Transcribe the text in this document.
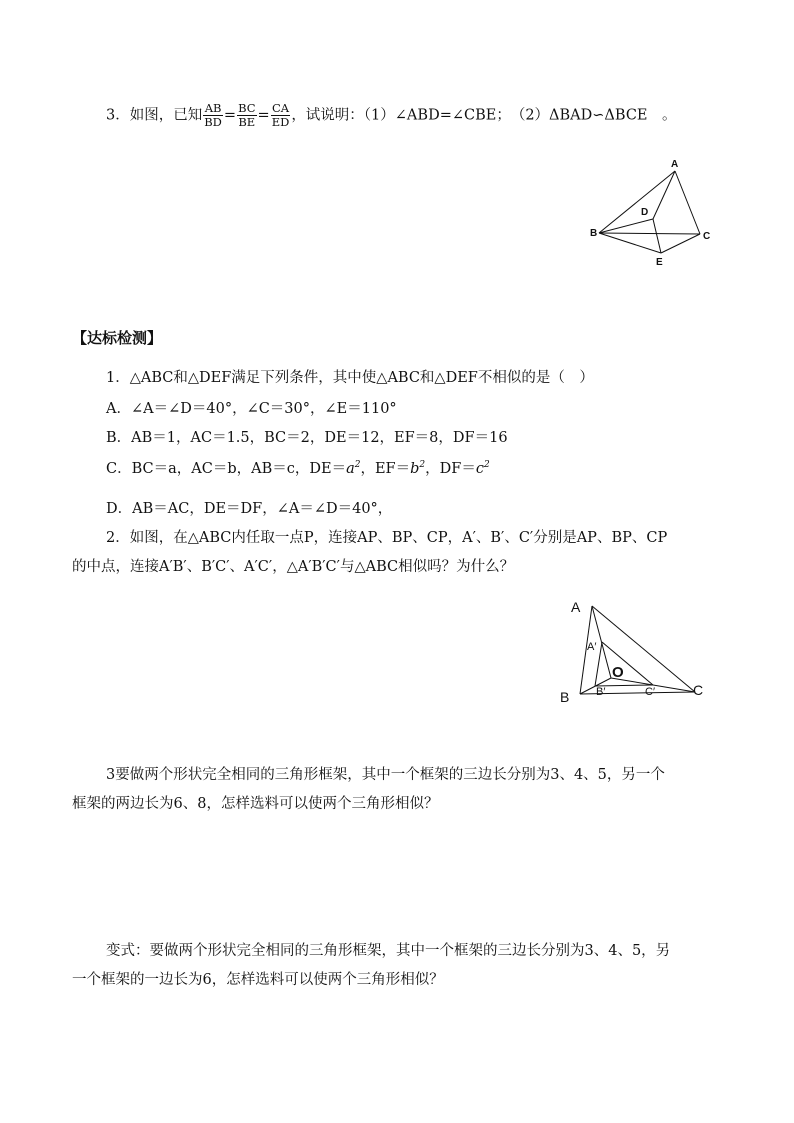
3．如图，已知 $\frac{AB}{BD} = \frac{BC}{BE} = \frac{CA}{ED}$ ，试说明：（1）∠ABD=∠CBE；　（2）ΔBAD∽ΔBCE　。
A
B	C
D
E
【达标检测】
1．△ABC和△DEF满足下列条件，其中使△ABC和△DEF不相似的是（　）
A．∠A＝∠D＝40°，∠C＝30°，∠E＝110°
B．AB＝1，AC＝1.5，BC＝2，DE＝12，EF＝8，DF＝16
C．BC＝a，AC＝b，AB＝c，$DE=a^2$，$EF=b^2$，$DF=c^2$
D．AB＝AC，DE＝DF，∠A＝∠D＝40°，
2．如图，在△ABC内任取一点P，连接AP、BP、CP，A′、B′、C′分别是AP、BP、CP
的中点，连接A′B′、B′C′、A′C′，△A′B′C′与△ABC相似吗？为什么？
A
B	C
O
A′
B′	C′
3要做两个形状完全相同的三角形框架，其中一个框架的三边长分别为3、4、5，另一个
框架的两边长为6、8，怎样选料可以使两个三角形相似？
变式：要做两个形状完全相同的三角形框架，其中一个框架的三边长分别为3、4、5，另
一个框架的一边长为6，怎样选料可以使两个三角形相似？
